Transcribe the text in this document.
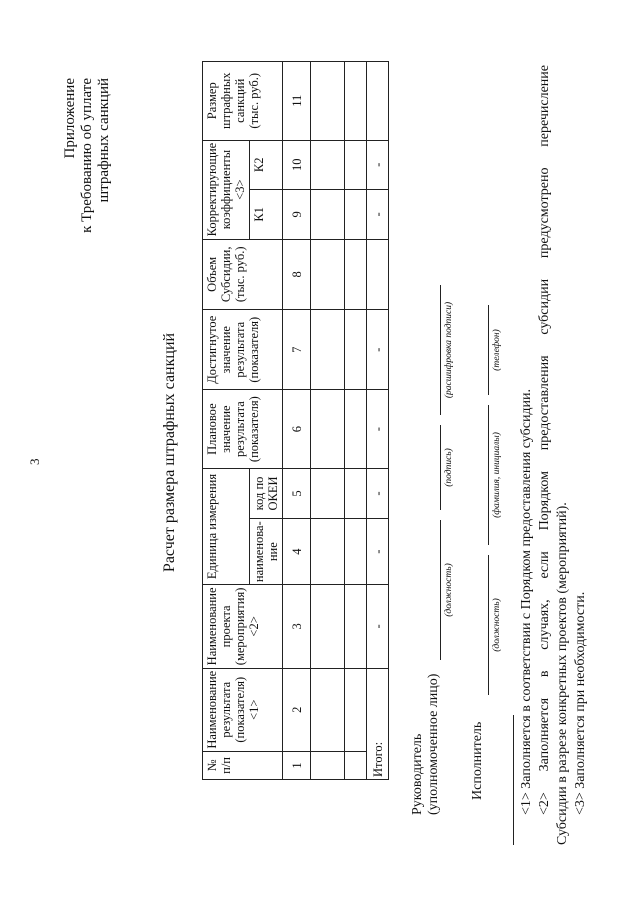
3
Приложение к Требованию об уплате штрафных санкций
Расчет размера штрафных санкций
№ п/п	Наименование результата (показателя) <1>	Наименование проекта (мероприятия) <2>	Единица измерения		Плановое значение результата (показателя)	Достигнутое значение результата (показателя)	Объем Субсидии, (тыс. руб.)	Корректирующие коэффициенты <3>		Размер штрафных санкций (тыс. руб.)
			наименова-ние	код по ОКЕИ				К1	К2	
1	2	3	4	5	6	7	8	9	10	11

Итого:		-	-	-	-	-		-	-	
Руководитель (уполномоченное лицо)
(должность)
(подпись)
(расшифровка подписи)
Исполнитель
(должность)
(фамилия, инициалы)
(телефон)

<1> Заполняется в соответствии с Порядком предоставления субсидии. <2> Заполняется в случаях, если Порядком предоставления субсидии предусмотрено перечисление Субсидии в разрезе конкретных проектов (мероприятий). <3> Заполняется при необходимости.
